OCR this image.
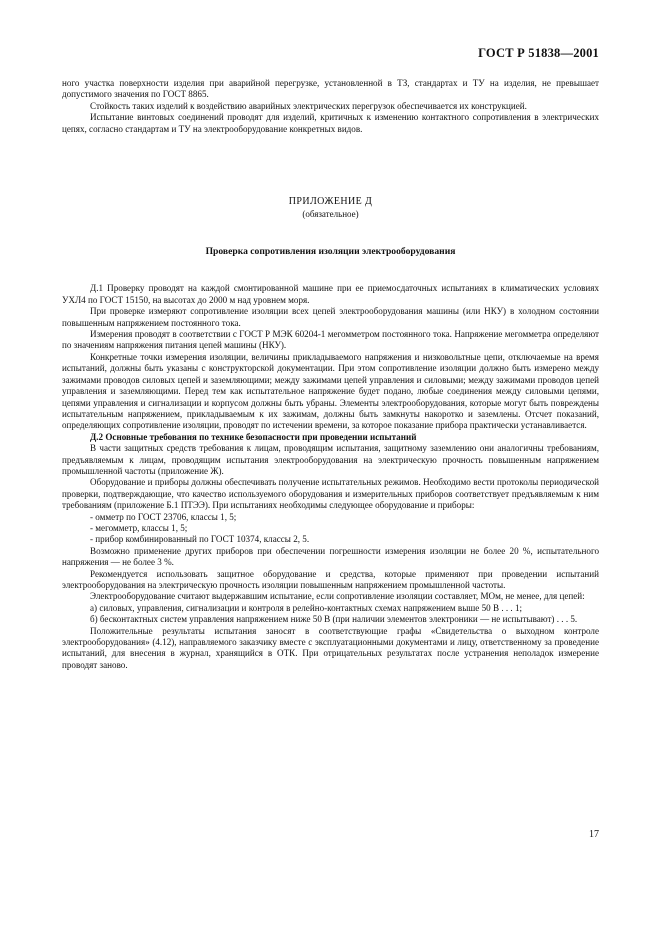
ГОСТ Р 51838—2001

ного участка поверхности изделия при аварийной перегрузке, установленной в ТЗ, стандартах и ТУ на изделия, не превышает допустимого значения по ГОСТ 8865.

Стойкость таких изделий к воздействию аварийных электрических перегрузок обеспечивается их конструкцией.

Испытание винтовых соединений проводят для изделий, критичных к изменению контактного сопротивления в электрических цепях, согласно стандартам и ТУ на электрооборудование конкретных видов.

ПРИЛОЖЕНИЕ Д
(обязательное)
Проверка сопротивления изоляции электрооборудования

Д.1 Проверку проводят на каждой смонтированной машине при ее приемосдаточных испытаниях в климатических условиях УХЛ4 по ГОСТ 15150, на высотах до 2000 м над уровнем моря.

При проверке измеряют сопротивление изоляции всех цепей электрооборудования машины (или НКУ) в холодном состоянии повышенным напряжением постоянного тока.

Измерения проводят в соответствии с ГОСТ Р МЭК 60204-1 мегомметром постоянного тока. Напряжение мегомметра определяют по значениям напряжения питания цепей машины (НКУ).

Конкретные точки измерения изоляции, величины прикладываемого напряжения и низковольтные цепи, отключаемые на время испытаний, должны быть указаны с конструкторской документации. При этом сопротивление изоляции должно быть измерено между зажимами проводов силовых цепей и заземляющими; между зажимами цепей управления и силовыми; между зажимами проводов цепей управления и заземляющими. Перед тем как испытательное напряжение будет подано, любые соединения между силовыми цепями, цепями управления и сигнализации и корпусом должны быть убраны. Элементы электрооборудования, которые могут быть повреждены испытательным напряжением, прикладываемым к их зажимам, должны быть замкнуты накоротко и заземлены. Отсчет показаний, определяющих сопротивление изоляции, проводят по истечении времени, за которое показание прибора практически устанавливается.

Д.2 Основные требования по технике безопасности при проведении испытаний

В части защитных средств требования к лицам, проводящим испытания, защитному заземлению они аналогичны требованиям, предъявляемым к лицам, проводящим испытания электрооборудования на электрическую прочность повышенным напряжением промышленной частоты (приложение Ж).

Оборудование и приборы должны обеспечивать получение испытательных режимов. Необходимо вести протоколы периодической проверки, подтверждающие, что качество используемого оборудования и измерительных приборов соответствует предъявляемым к ним требованиям (приложение Б.1 ПТЭЭ). При испытаниях необходимы следующее оборудование и приборы:

- омметр по ГОСТ 23706, классы 1, 5;

- мегомметр, классы 1, 5;

- прибор комбинированный по ГОСТ 10374, классы 2, 5.

Возможно применение других приборов при обеспечении погрешности измерения изоляции не более 20 %, испытательного напряжения — не более 3 %.

Рекомендуется использовать защитное оборудование и средства, которые применяют при проведении испытаний электрооборудования на электрическую прочность изоляции повышенным напряжением промышленной частоты.

Электрооборудование считают выдержавшим испытание, если сопротивление изоляции составляет, МОм, не менее, для цепей:

а) силовых, управления, сигнализации и контроля в релейно-контактных схемах напряжением выше 50 В . . . 1;

б) бесконтактных систем управления напряжением ниже 50 В (при наличии элементов электроники — не испытывают) . . . 5.

Положительные результаты испытания заносят в соответствующие графы «Свидетельства о выходном контроле электрооборудования» (4.12), направляемого заказчику вместе с эксплуатационными документами и лицу, ответственному за проведение испытаний, для внесения в журнал, хранящийся в ОТК. При отрицательных результатах после устранения неполадок измерение проводят заново.

17
